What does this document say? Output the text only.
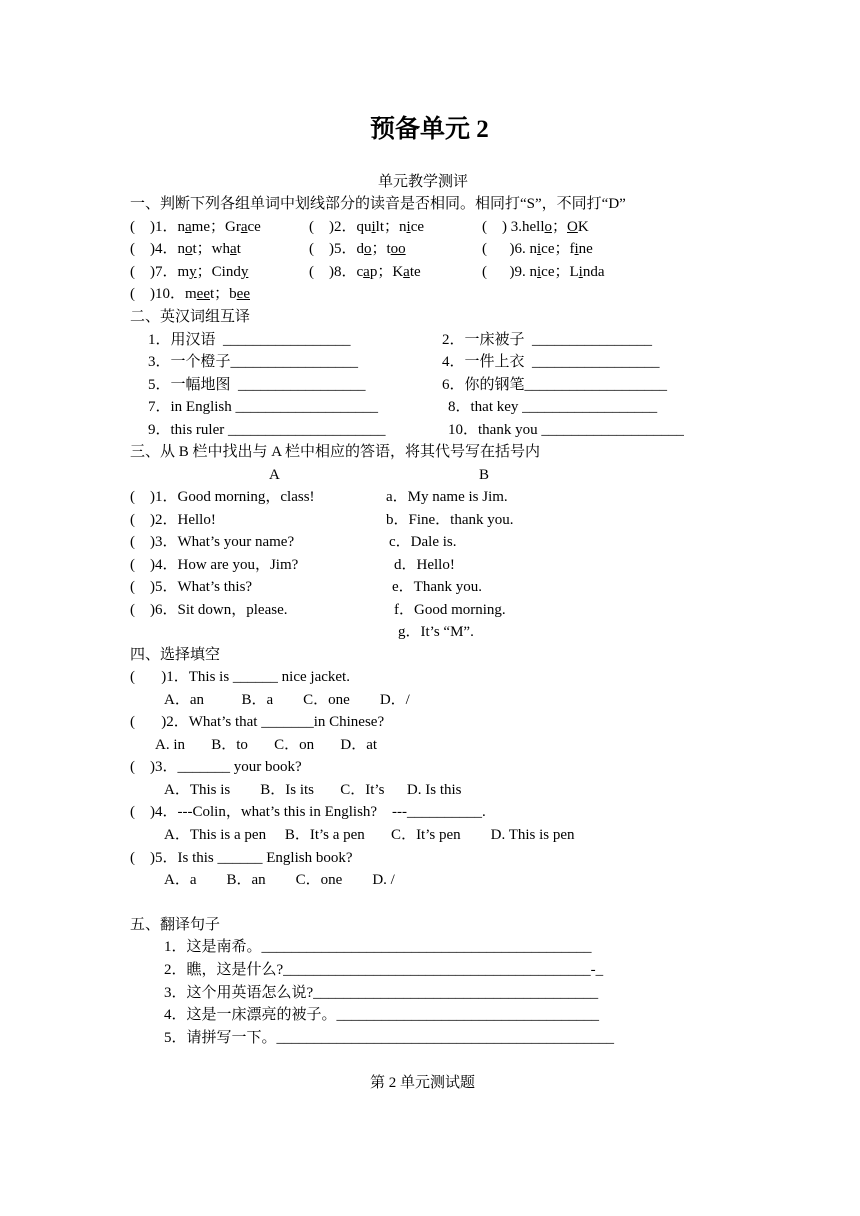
预备单元 2
单元教学测评
一、判断下列各组单词中划线部分的读音是否相同。相同打“S”，不同打“D”
(    )1．name；Grace	(    )2．quilt；nice	(    ) 3.hello；OK
(    )4．not；what	(    )5．do；too	(      )6. nice；fine
(    )7．my；Cindy	(    )8．cap；Kate	(      )9. nice；Linda
(    )10．meet；bee
二、英汉词组互译
1．用汉语  _________________	2．一床被子  ________________
3．一个橙子_________________	4．一件上衣  _________________
5．一幅地图  _________________	6．你的钢笔___________________
7．in English ___________________	8．that key __________________
9．this ruler _____________________	10．thank you ___________________
三、从 B 栏中找出与 A 栏中相应的答语，将其代号写在括号内
A	B
(    )1．Good morning，class!	a．My name is Jim.
(    )2．Hello!	b．Fine．thank you.
(    )3．What’s your name?	c．Dale is.
(    )4．How are you，Jim?	d．Hello!
(    )5．What’s this?	e．Thank you.
(    )6．Sit down，please.	f．Good morning.
g．It’s “M”.
四、选择填空
(       )1．This is ______ nice jacket.
A．an          B．a        C．one        D．/
(       )2．What’s that _______in Chinese?
A. in       B．to       C．on       D．at
(    )3．_______ your book?
A．This is        B．Is its       C．It’s      D. Is this
(    )4．---Colin，what’s this in English?    ---__________.
A．This is a pen     B．It’s a pen       C．It’s pen        D. This is pen
(    )5．Is this ______ English book?
A．a        B．an        C．one        D. /
五、翻译句子
1．这是南希。____________________________________________
2．瞧，这是什么?_________________________________________-_
3．这个用英语怎么说?______________________________________
4．这是一床漂亮的被子。___________________________________
5．请拼写一下。_____________________________________________
第 2 单元测试题
